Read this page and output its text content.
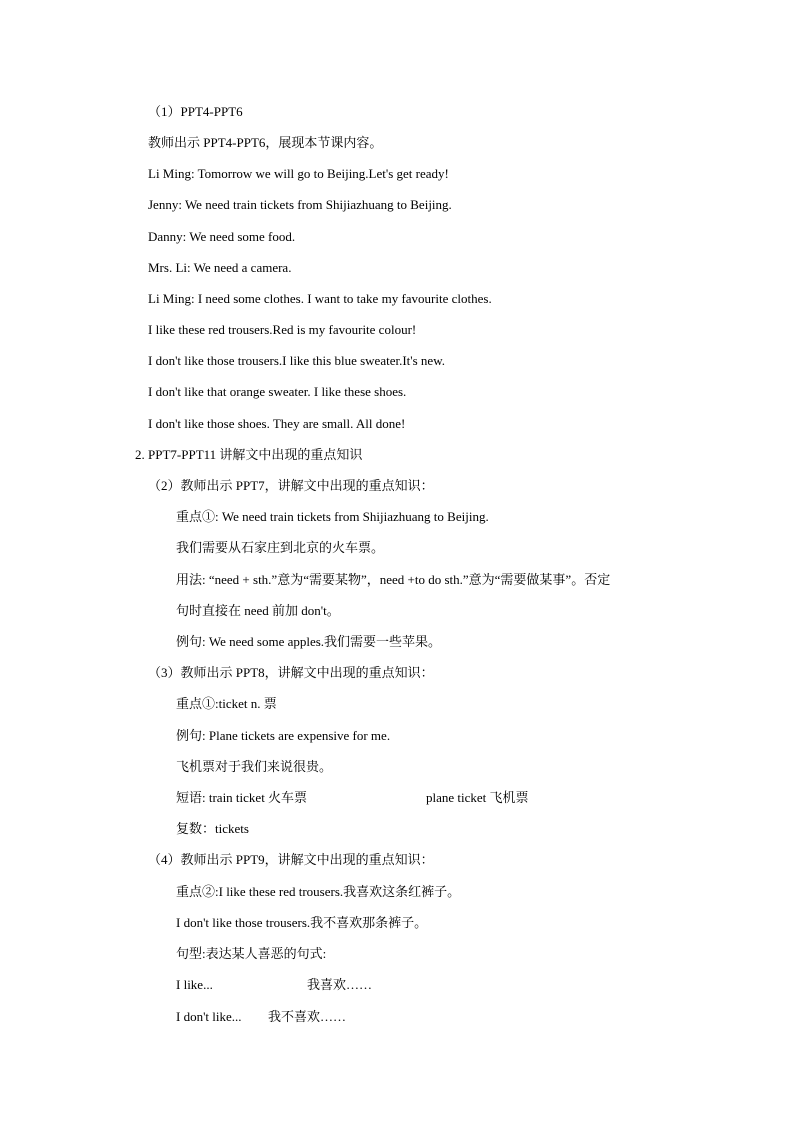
（1）PPT4-PPT6
教师出示 PPT4-PPT6，展现本节课内容。
Li Ming: Tomorrow we will go to Beijing.Let's get ready!
Jenny: We need train tickets from Shijiazhuang to Beijing.
Danny: We need some food.
Mrs. Li: We need a camera.
Li Ming: I need some clothes. I want to take my favourite clothes.
I like these red trousers.Red is my favourite colour!
I don't like those trousers.I like this blue sweater.It's new.
I don't like that orange sweater. I like these shoes.
I don't like those shoes. They are small. All done!
2. PPT7-PPT11 讲解文中出现的重点知识
（2）教师出示 PPT7，讲解文中出现的重点知识：
重点①: We need train tickets from Shijiazhuang to Beijing.
我们需要从石家庄到北京的火车票。
用法: “need + sth.”意为“需要某物”，need +to do sth.”意为“需要做某事”。否定
句时直接在 need 前加 don't。
例句: We need some apples.我们需要一些苹果。
（3）教师出示 PPT8，讲解文中出现的重点知识：
重点①:ticket n. 票
例句: Plane tickets are expensive for me.
飞机票对于我们来说很贵。
短语: train ticket 火车票	plane ticket 飞机票
复数：tickets
（4）教师出示 PPT9，讲解文中出现的重点知识：
重点②:I like these red trousers.我喜欢这条红裤子。
I don't like those trousers.我不喜欢那条裤子。
句型:表达某人喜恶的句式:
I like...	我喜欢……
I don't like... 我不喜欢……
